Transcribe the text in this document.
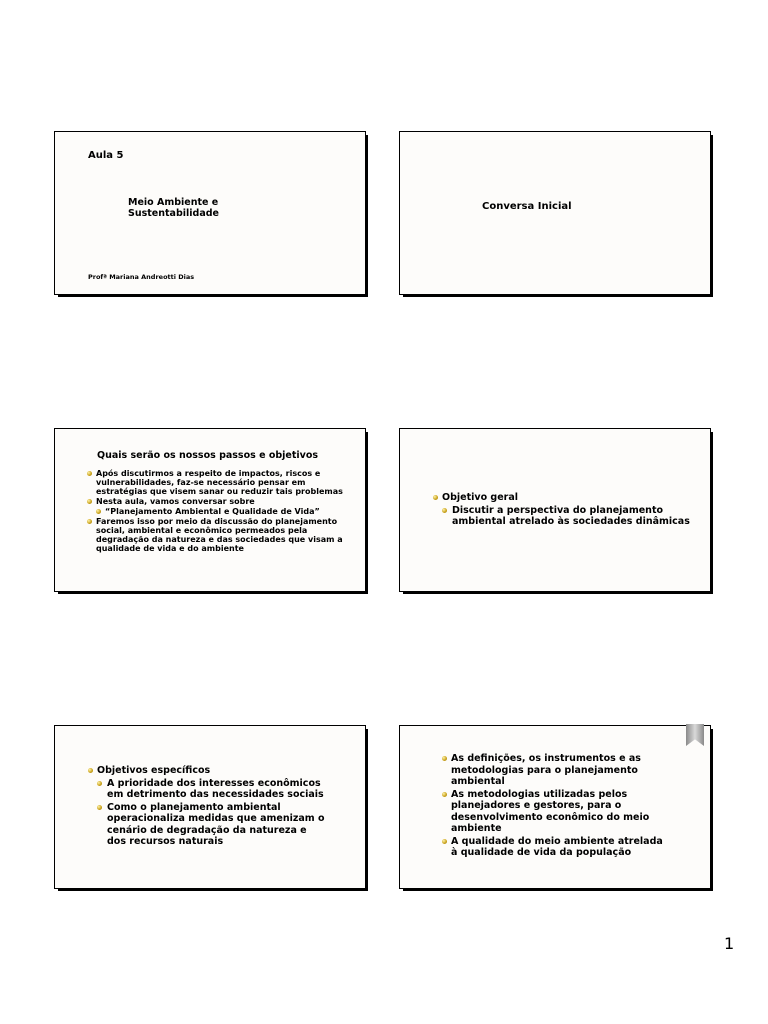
Aula 5
Meio Ambiente e
Sustentabilidade
Profª Mariana Andreotti Dias
Conversa Inicial
Quais serão os nossos passos e objetivos
Após discutirmos a respeito de impactos, riscos e vulnerabilidades, faz-se necessário pensar em estratégias que visem sanar ou reduzir tais problemas
Nesta aula, vamos conversar sobre
“Planejamento Ambiental e Qualidade de Vida”
Faremos isso por meio da discussão do planejamento social, ambiental e econômico permeados pela degradação da natureza e das sociedades que visam a qualidade de vida e do ambiente
Objetivo geral
Discutir a perspectiva do planejamento ambiental atrelado às sociedades dinâmicas
Objetivos específicos
A prioridade dos interesses econômicos em detrimento das necessidades sociais
Como o planejamento ambiental operacionaliza medidas que amenizam o cenário de degradação da natureza e dos recursos naturais
As definições, os instrumentos e as metodologias para o planejamento ambiental
As metodologias utilizadas pelos planejadores e gestores, para o desenvolvimento econômico do meio ambiente
A qualidade do meio ambiente atrelada à qualidade de vida da população
1
